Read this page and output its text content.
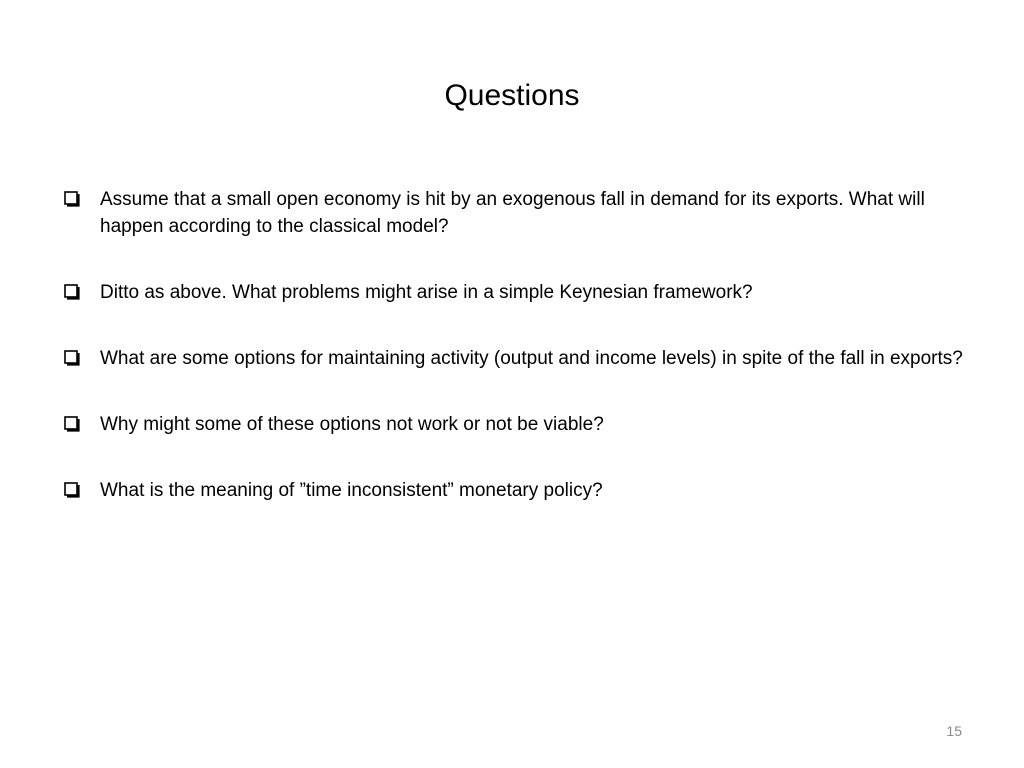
Questions
Assume that a small open economy is hit by an exogenous fall in demand for its exports. What will happen according to the classical model?
Ditto as above. What problems might arise in a simple Keynesian framework?
What are some options for maintaining activity (output and income levels) in spite of the fall in exports?
Why might some of these options not work or not be viable?
What is the meaning of ”time inconsistent” monetary policy?
15
